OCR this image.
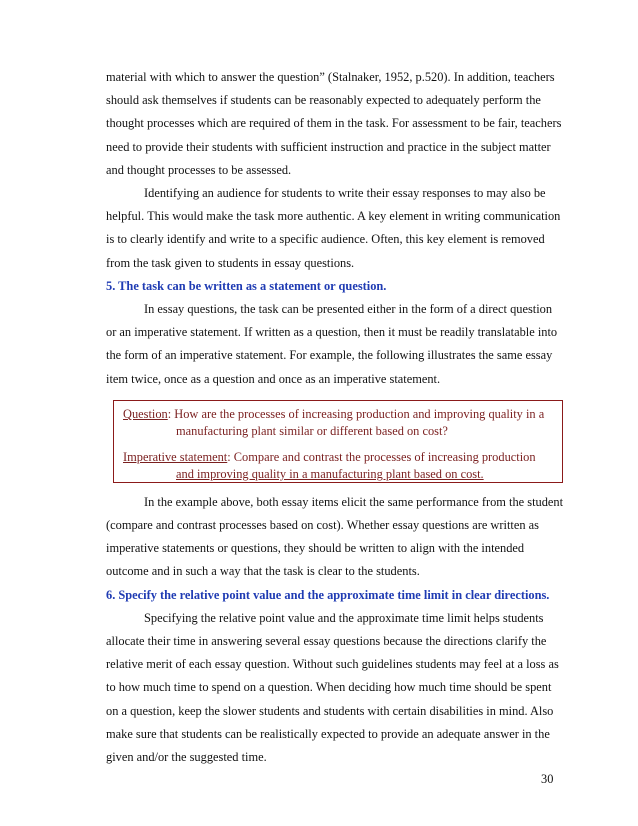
material with which to answer the question” (Stalnaker, 1952, p.520). In addition, teachers should ask themselves if students can be reasonably expected to adequately perform the thought processes which are required of them in the task. For assessment to be fair, teachers need to provide their students with sufficient instruction and practice in the subject matter and thought processes to be assessed.

Identifying an audience for students to write their essay responses to may also be helpful. This would make the task more authentic. A key element in writing communication is to clearly identify and write to a specific audience. Often, this key element is removed from the task given to students in essay questions.

5. The task can be written as a statement or question.

In essay questions, the task can be presented either in the form of a direct question or an imperative statement. If written as a question, then it must be readily translatable into the form of an imperative statement. For example, the following illustrates the same essay item twice, once as a question and once as an imperative statement.

Question: How are the processes of increasing production and improving quality in a
manufacturing plant similar or different based on cost?
Imperative statement: Compare and contrast the processes of increasing production
and improving quality in a manufacturing plant based on cost.

In the example above, both essay items elicit the same performance from the student (compare and contrast processes based on cost). Whether essay questions are written as imperative statements or questions, they should be written to align with the intended outcome and in such a way that the task is clear to the students.

6. Specify the relative point value and the approximate time limit in clear directions.

Specifying the relative point value and the approximate time limit helps students allocate their time in answering several essay questions because the directions clarify the relative merit of each essay question. Without such guidelines students may feel at a loss as to how much time to spend on a question. When deciding how much time should be spent on a question, keep the slower students and students with certain disabilities in mind. Also make sure that students can be realistically expected to provide an adequate answer in the given and/or the suggested time.

30
